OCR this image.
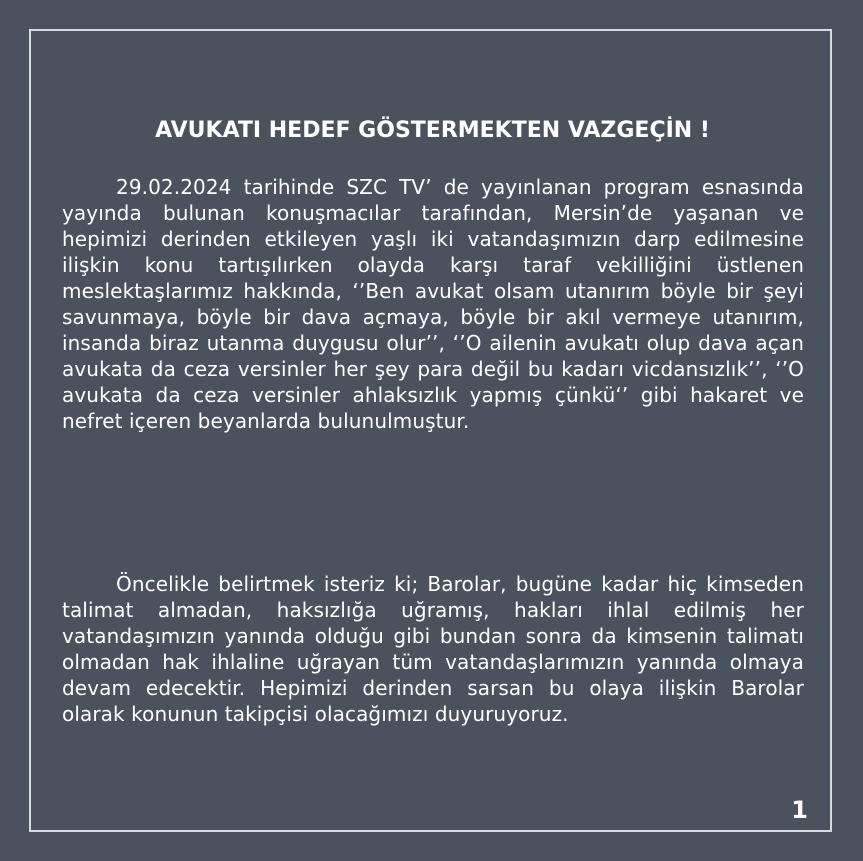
AVUKATI HEDEF GÖSTERMEKTEN VAZGEÇİN !

29.02.2024 tarihinde SZC TV’ de yayınlanan program esnasında yayında bulunan konuşmacılar tarafından, Mersin’de yaşanan ve hepimizi derinden etkileyen yaşlı iki vatandaşımızın darp edilmesine ilişkin konu tartışılırken olayda karşı taraf vekilliğini üstlenen meslektaşlarımız hakkında, ‘’Ben avukat olsam utanırım böyle bir şeyi savunmaya, böyle bir dava açmaya, böyle bir akıl vermeye utanırım, insanda biraz utanma duygusu olur’’, ‘’O ailenin avukatı olup dava açan avukata da ceza versinler her şey para değil bu kadarı vicdansızlık’’, ‘’O avukata da ceza versinler ahlaksızlık yapmış çünkü‘’ gibi hakaret ve nefret içeren beyanlarda bulunulmuştur.

Öncelikle belirtmek isteriz ki; Barolar, bugüne kadar hiç kimseden talimat almadan, haksızlığa uğramış, hakları ihlal edilmiş her vatandaşımızın yanında olduğu gibi bundan sonra da kimsenin talimatı olmadan hak ihlaline uğrayan tüm vatandaşlarımızın yanında olmaya devam edecektir. Hepimizi derinden sarsan bu olaya ilişkin Barolar olarak konunun takipçisi olacağımızı duyuruyoruz.

1
